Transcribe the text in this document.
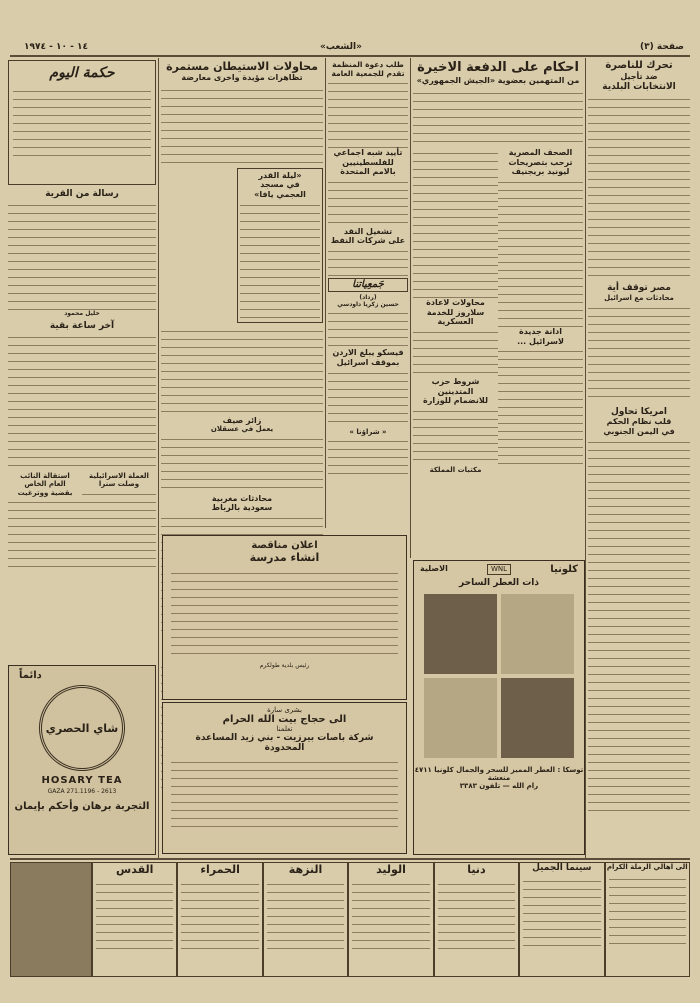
صفحة (٣)
«الشعب»
١٤ - ١٠ - ١٩٧٤
تحرك للناصرة
ضد تأجيل
الانتخابات البلدية
مصر توقف أية
محادثات مع اسرائيل
امريكا تحاول
قلب نظام الحكم
في اليمن الجنوبي
احكام على الدفعة الاخيرة
من المتهمين بعضوية «الجيش الجمهوري»
الصحف المصرية
ترحب بتصريحات
ليونيد بريجنيف
ادانة جديدة
لاسرائيل ...
محاولات لاعادة
سلاروز للخدمة
العسكرية
شروط حزب المتدينين
للانضمام للوزارة
مكتبات المملكة
طلب دعوة المنظمة
تقدم للجمعية العامة
تأييد شبه اجماعي
للفلسطينيين
بالامم المتحدة
تشغيل النقد
على شركات النفط
جَمعِياتنا
(رداد)
حسين زكريا داودسي
فيسكو يبلغ الاردن
بموقف اسرائيل
« شراؤنا »
محاولات الاستيطان مستمرة
تظاهرات مؤيدة واخرى معارضة
«ليلة القدر
في مسجد
العجمي يافا»
زائر صيف
يعمل في عسقلان
محادثات مغربية
سعودية بالرباط
حكمة اليوم
رسالة من القرية
خليل محمود
آخر ساعة بقية
العملة الاسرائيلية
وصلت سنرا
استقالة النائب
العام الخاص
بقضية ووترغيت
دائماً
شاي الحصري
HOSARY TEA
GAZA 271.1196 - 2613
التجربة برهان وأحكم بإيمان
اعلان مناقصة
انشاء مدرسة
رئيس بلدية طولكرم
بشرى سارة
الى حجاج بيت الله الحرام
تعلمنا
شركة باصات بيرزيت - بني زيد المساعدة
المحدودة
كلونيا
WNL
الاصلية
ذات العطر الساحر
توسكا : العطر المميز للسحر والجمال كلونيا ٤٧١١ منعشة
رام الله — تلفون ٣٣٨٣
القدس	الحمراء	النزهة	الوليد	دنيا	سينما الجميل	الى اهالي الرملة الكرام
